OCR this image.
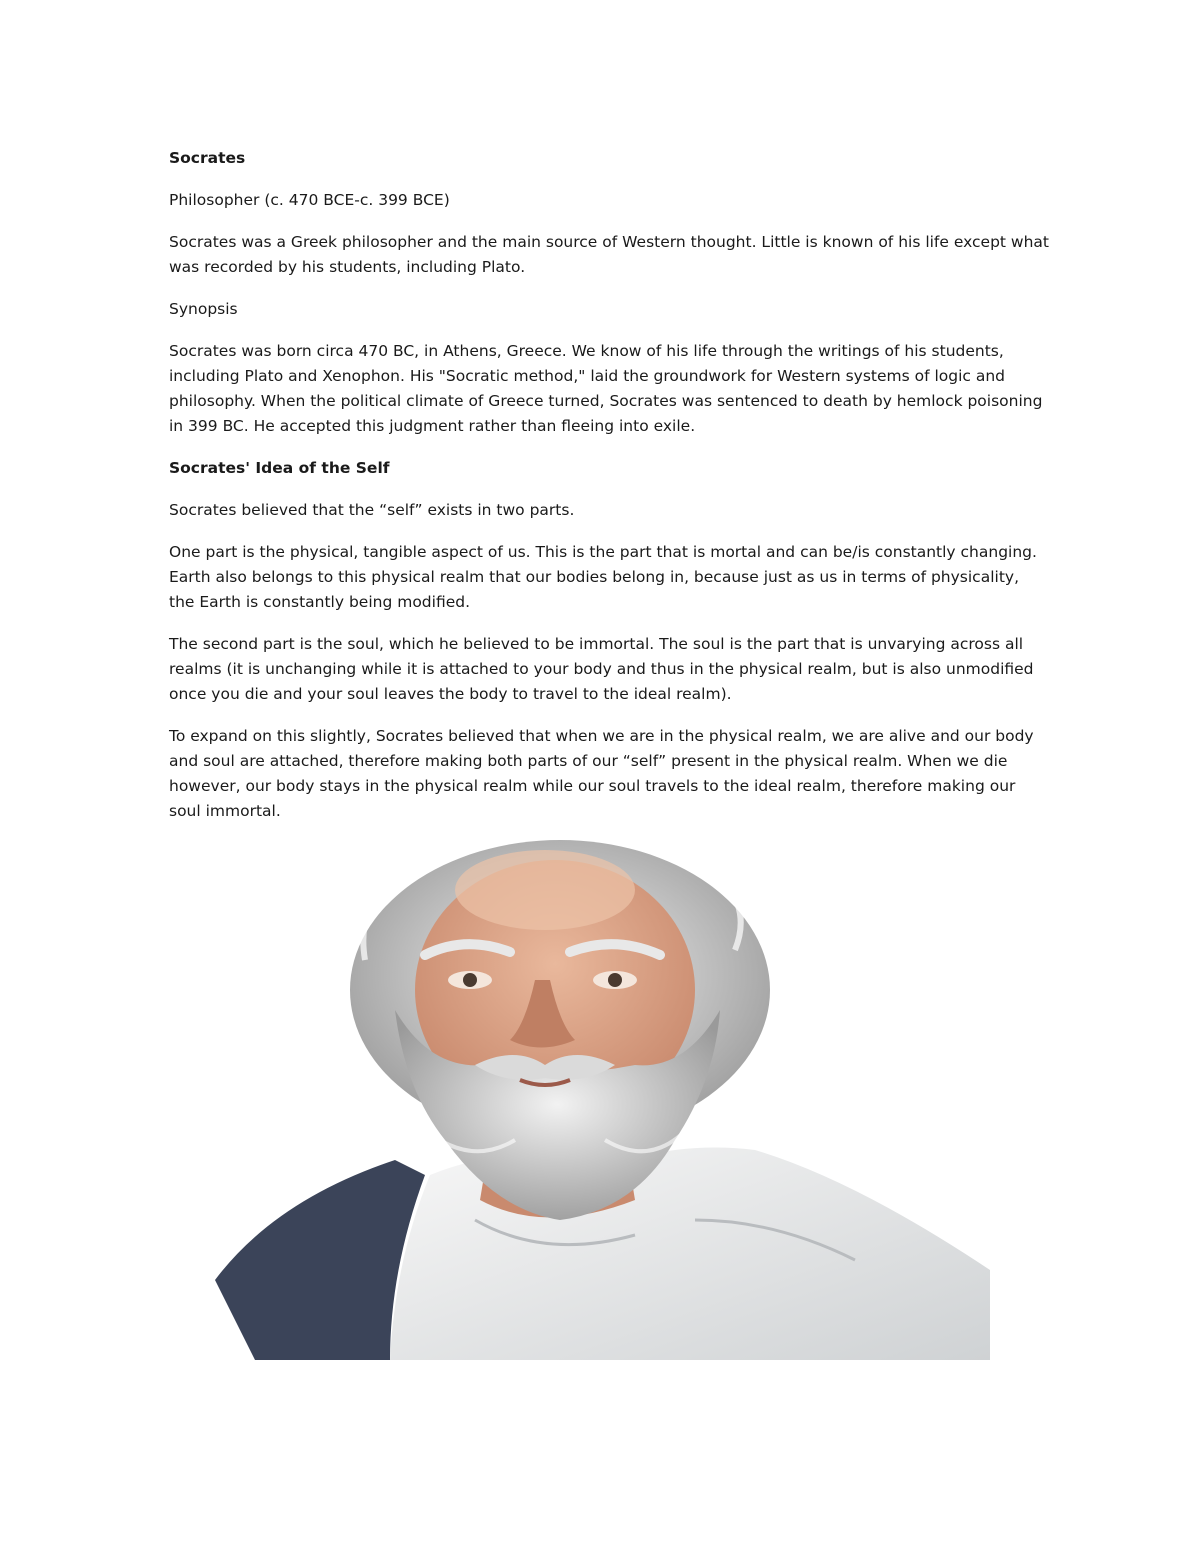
Socrates

Philosopher (c. 470 BCE-c. 399 BCE)

Socrates was a Greek philosopher and the main source of Western thought. Little is known of his life except what was recorded by his students, including Plato.

Synopsis

Socrates was born circa 470 BC, in Athens, Greece. We know of his life through the writings of his students, including Plato and Xenophon. His "Socratic method," laid the groundwork for Western systems of logic and philosophy. When the political climate of Greece turned, Socrates was sentenced to death by hemlock poisoning in 399 BC. He accepted this judgment rather than fleeing into exile.

Socrates' Idea of the Self

Socrates believed that the “self” exists in two parts.

One part is the physical, tangible aspect of us. This is the part that is mortal and can be/is constantly changing. Earth also belongs to this physical realm that our bodies belong in, because just as us in terms of physicality, the Earth is constantly being modified.

The second part is the soul, which he believed to be immortal. The soul is the part that is unvarying across all realms (it is unchanging while it is attached to your body and thus in the physical realm, but is also unmodified once you die and your soul leaves the body to travel to the ideal realm).

To expand on this slightly, Socrates believed that when we are in the physical realm, we are alive and our body and soul are attached, therefore making both parts of our “self” present in the physical realm. When we die however, our body stays in the physical realm while our soul travels to the ideal realm, therefore making our soul immortal.
